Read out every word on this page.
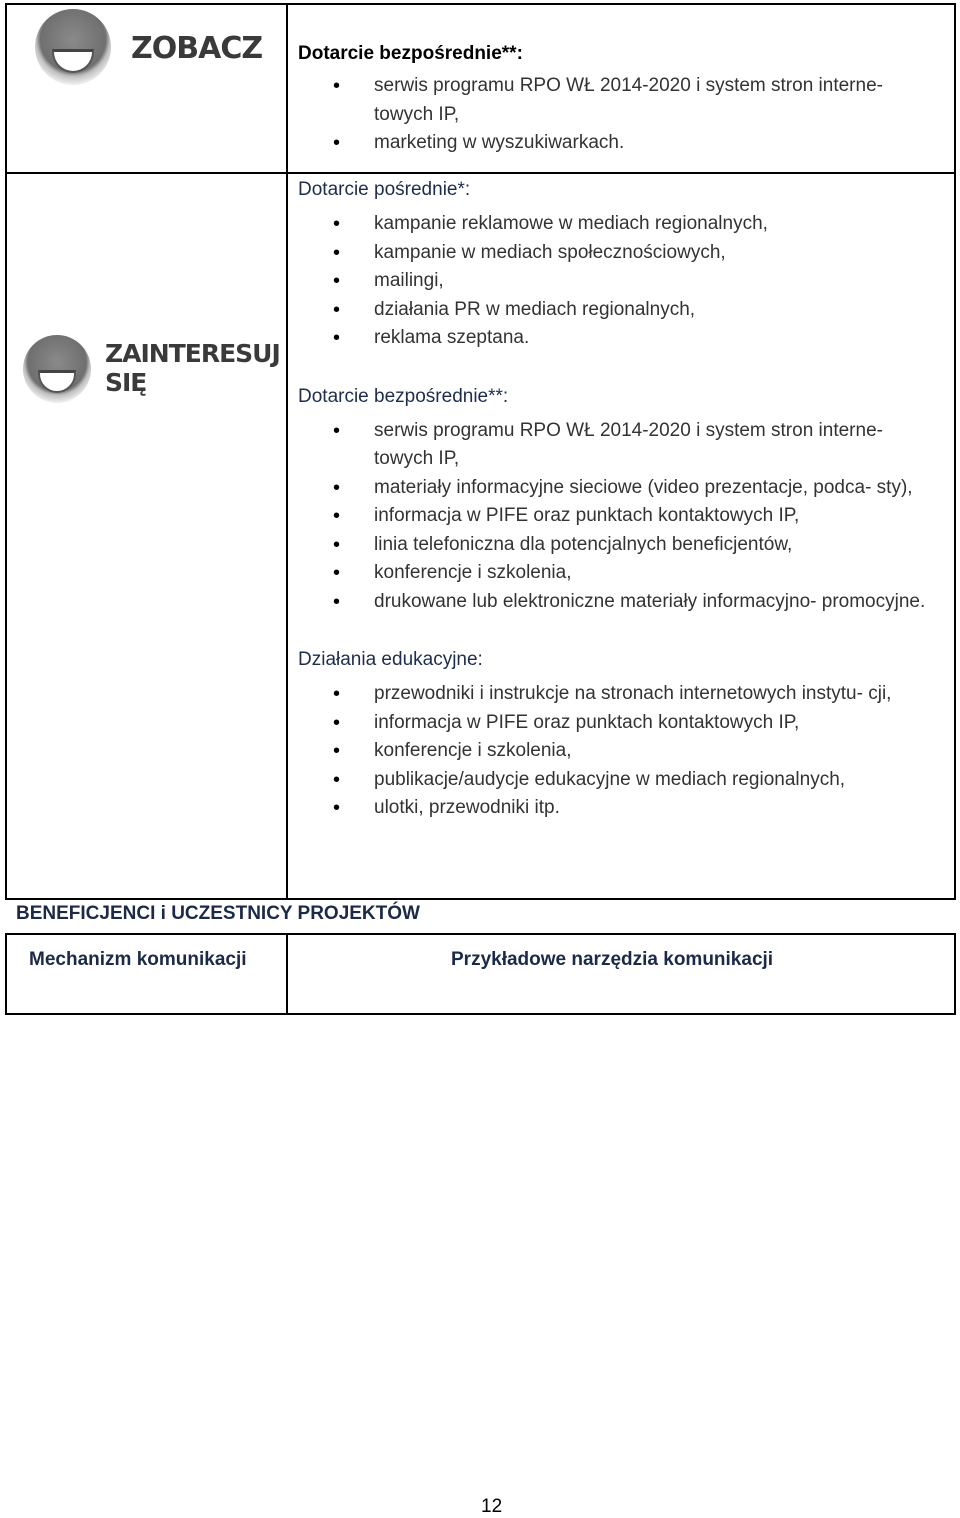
ZOBACZ Dotarcie bezpośrednie**:

• serwis programu RPO WŁ 2014-2020 i system stron interne- towych IP,
• marketing w wyszukiwarkach.
ZAINTERESUJ
SIĘ

Dotarcie pośrednie*:

• kampanie reklamowe w mediach regionalnych,
• kampanie w mediach społecznościowych,
• mailingi,
• działania PR w mediach regionalnych,
• reklama szeptana.

Dotarcie bezpośrednie**:

• serwis programu RPO WŁ 2014-2020 i system stron interne- towych IP,
• materiały informacyjne sieciowe (video prezentacje, podca- sty),
• informacja w PIFE oraz punktach kontaktowych IP,
• linia telefoniczna dla potencjalnych beneficjentów,
• konferencje i szkolenia,
• drukowane lub elektroniczne materiały informacyjno- promocyjne.

Działania edukacyjne:

• przewodniki i instrukcje na stronach internetowych instytu- cji,
• informacja w PIFE oraz punktach kontaktowych IP,
• konferencje i szkolenia,
• publikacje/audycje edukacyjne w mediach regionalnych,
• ulotki, przewodniki itp.
BENEFICJENCI i UCZESTNICY PROJEKTÓW
Mechanizm komunikacji	Przykładowe narzędzia komunikacji
12
